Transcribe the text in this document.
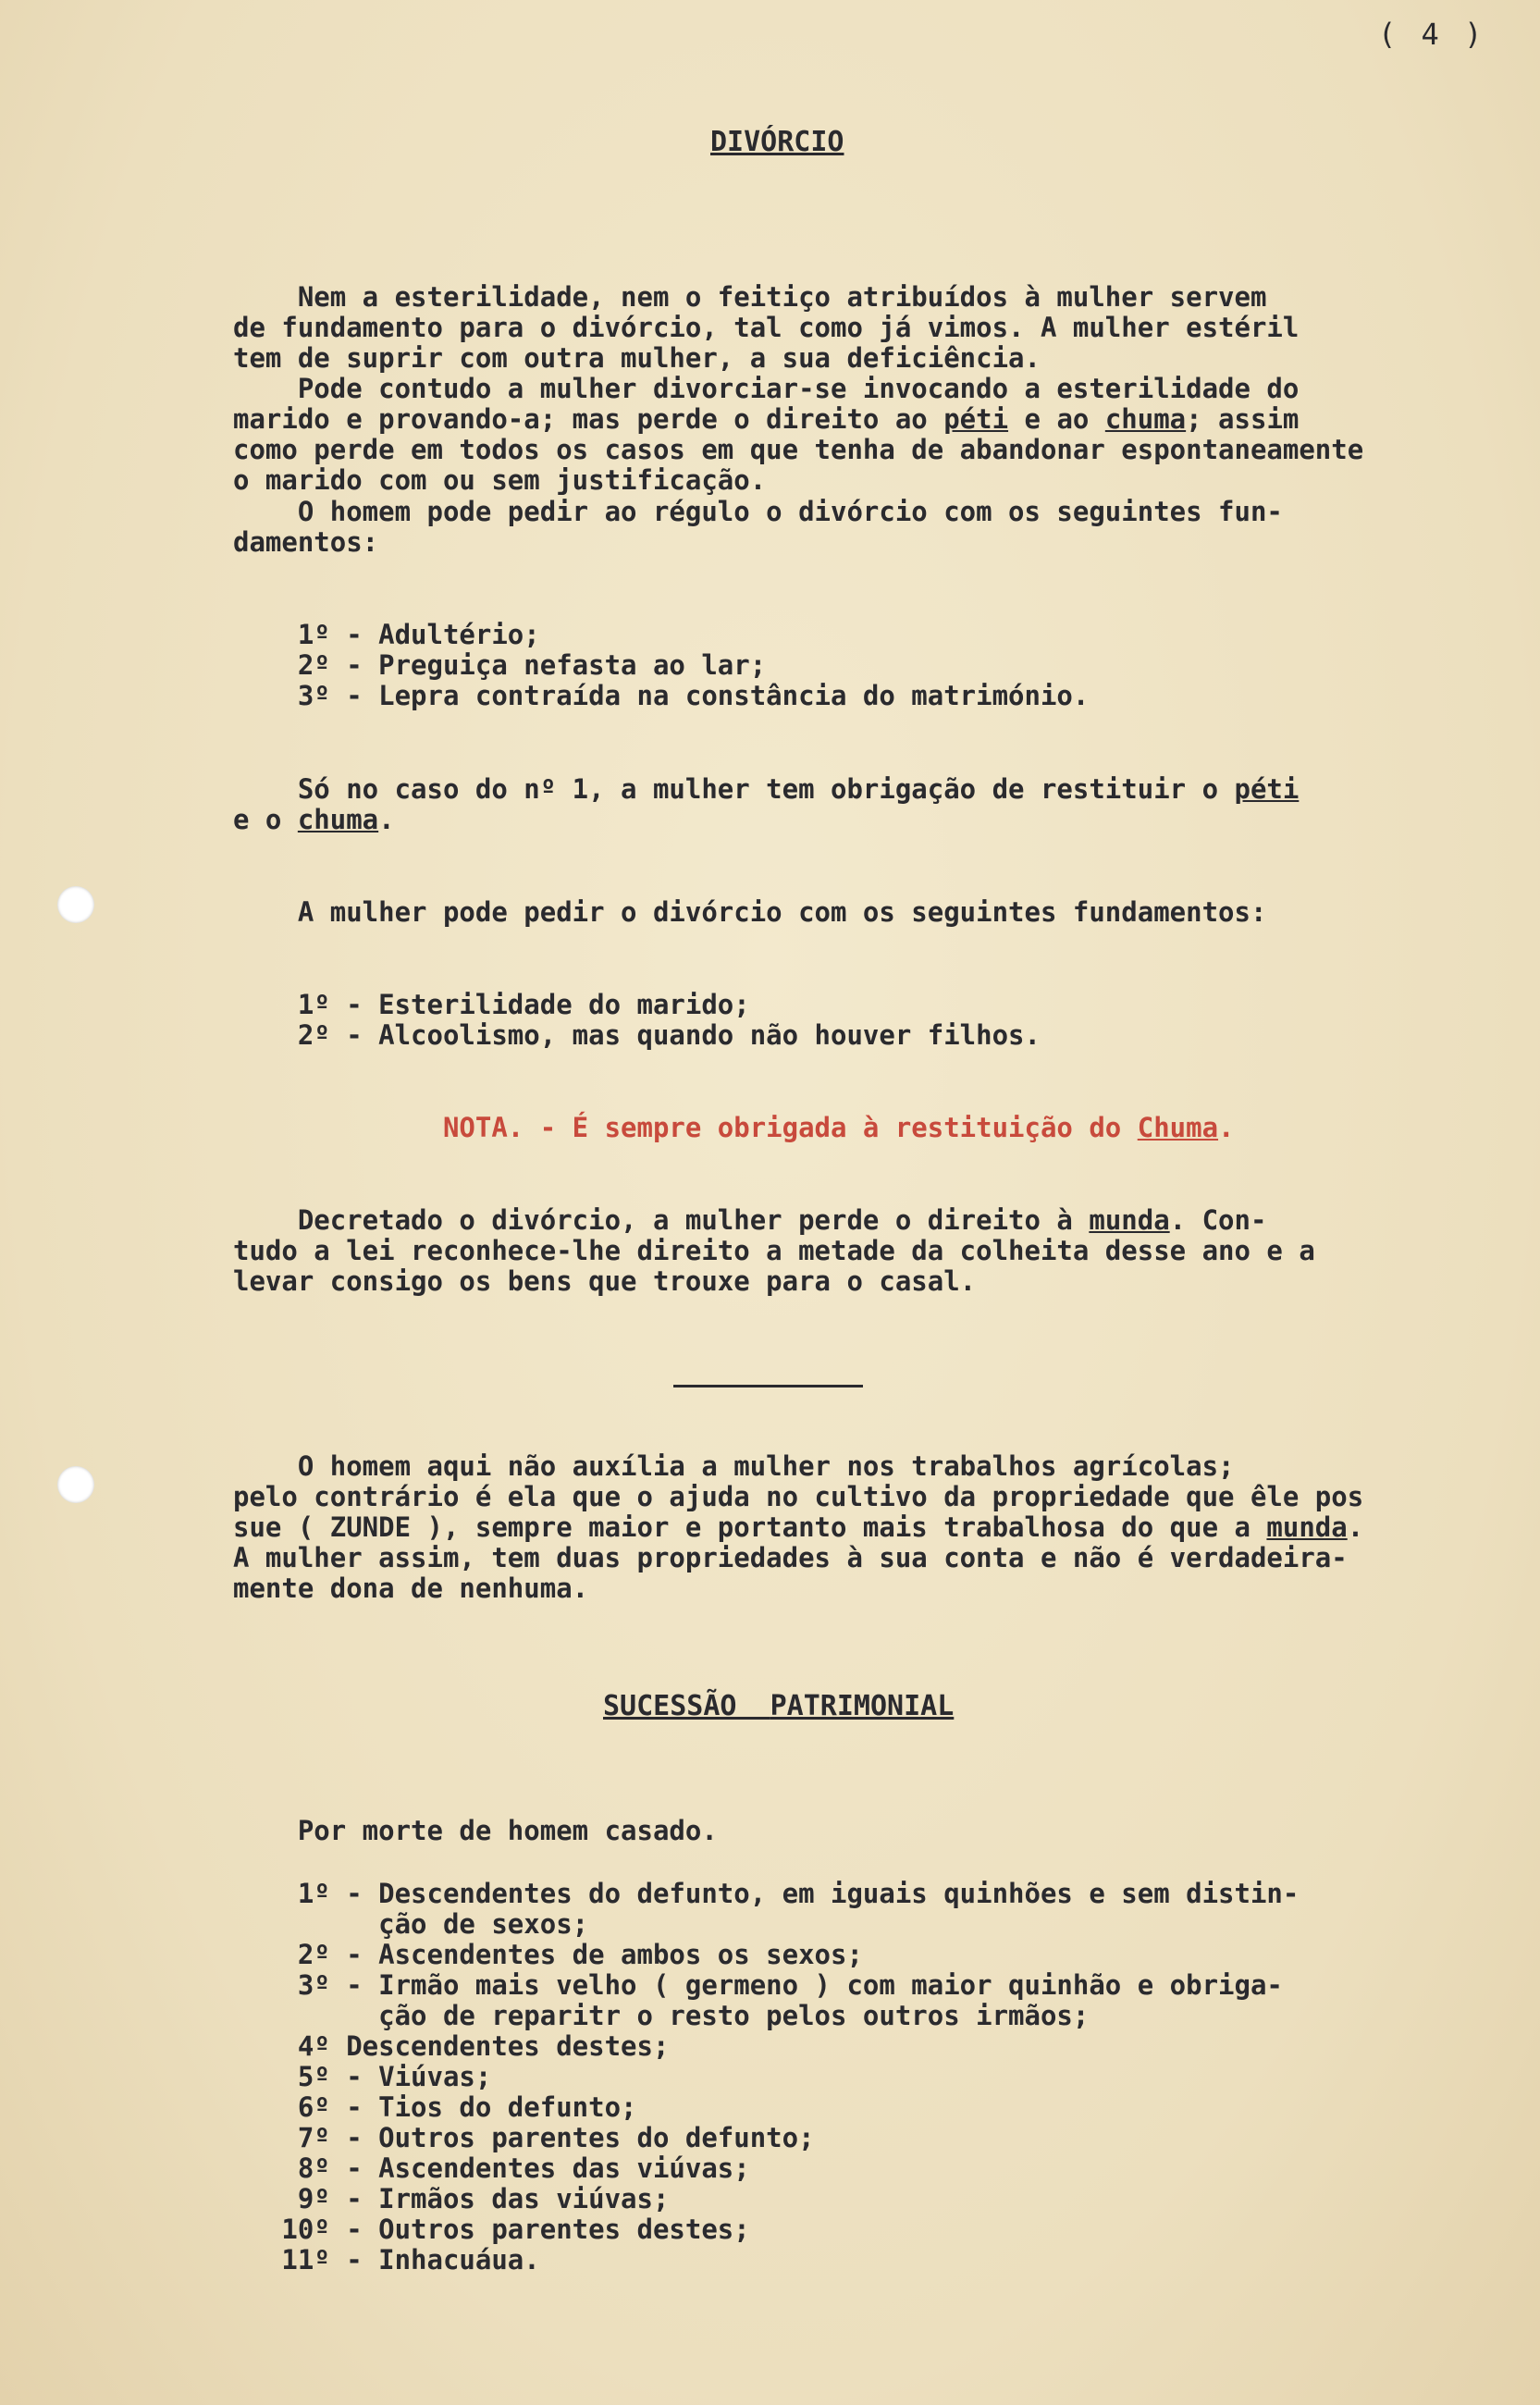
( 4 )
DIVÓRCIO
Nem a esterilidade, nem o feitiço atribuídos à mulher servem
de fundamento para o divórcio, tal como já vimos. A mulher estéril
tem de suprir com outra mulher, a sua deficiência.
Pode contudo a mulher divorciar-se invocando a esterilidade do
marido e provando-a; mas perde o direito ao péti e ao chuma; assim
como perde em todos os casos em que tenha de abandonar espontaneamente
o marido com ou sem justificação.
O homem pode pedir ao régulo o divórcio com os seguintes fun-
damentos:
1º - Adultério;
2º - Preguiça nefasta ao lar;
3º - Lepra contraída na constância do matrimónio.
Só no caso do nº 1, a mulher tem obrigação de restituir o péti
e o chuma.
A mulher pode pedir o divórcio com os seguintes fundamentos:
1º - Esterilidade do marido;
2º - Alcoolismo, mas quando não houver filhos.
NOTA. - É sempre obrigada à restituição do Chuma.
Decretado o divórcio, a mulher perde o direito à munda. Con-
tudo a lei reconhece-lhe direito a metade da colheita desse ano e a
levar consigo os bens que trouxe para o casal.
O homem aqui não auxília a mulher nos trabalhos agrícolas;
pelo contrário é ela que o ajuda no cultivo da propriedade que êle pos
sue ( ZUNDE ), sempre maior e portanto mais trabalhosa do que a munda.
A mulher assim, tem duas propriedades à sua conta e não é verdadeira-
mente dona de nenhuma.
SUCESSÃO PATRIMONIAL
Por morte de homem casado.
1º - Descendentes do defunto, em iguais quinhões e sem distin-
ção de sexos;
2º - Ascendentes de ambos os sexos;
3º - Irmão mais velho ( germeno ) com maior quinhão e obriga-
ção de reparitr o resto pelos outros irmãos;
4º Descendentes destes;
5º - Viúvas;
6º - Tios do defunto;
7º - Outros parentes do defunto;
8º - Ascendentes das viúvas;
9º - Irmãos das viúvas;
10º - Outros parentes destes;
11º - Inhacuáua.
